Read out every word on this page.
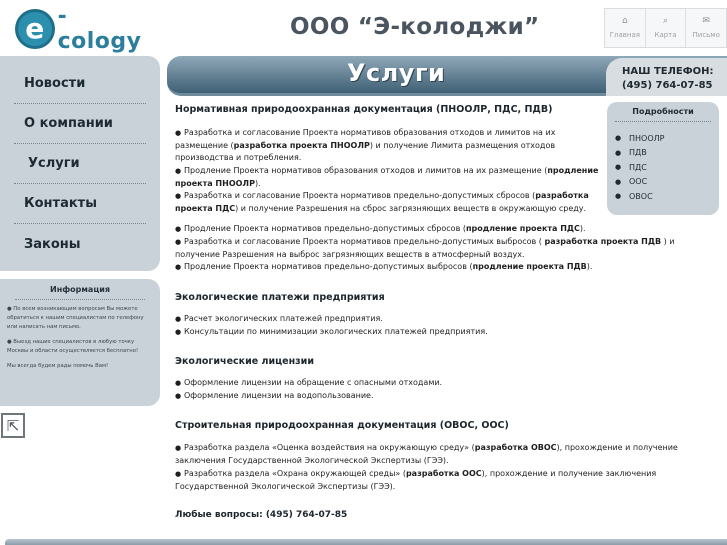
e -cology
ООО “Э-колоджи”	⌂
Главная
⌕
Карта
✉
Письмо
Новости
О компании
Услуги
Контакты
Законы
Информация
● По всем возникающим вопросам Вы можете обратиться к нашим специалистам по телефону или написать нам письмо.
● Выезд наших специалистов в любую точку Москвы и области осуществляется бесплатно!
Мы всегда будем рады помочь Вам!
⇱
Услуги	НАШ ТЕЛЕФОН:
(495) 764-07-85
Подробности
● ПНООЛР
● ПДВ
● ПДС
● ООС
● ОВОС
Нормативная природоохранная документация (ПНООЛР, ПДС, ПДВ)
● Разработка и согласование Проекта нормативов образования отходов и лимитов на их размещение (разработка проекта ПНООЛР) и получение Лимита размещения отходов производства и потребления.
● Продление Проекта нормативов образования отходов и лимитов на их размещение (продление проекта ПНООЛР).
● Разработка и согласование Проекта нормативов предельно-допустимых сбросов (разработка проекта ПДС) и получение Разрешения на сброс загрязняющих веществ в окружающую среду.
● Продление Проекта нормативов предельно-допустимых сбросов (продление проекта ПДС).
● Разработка и согласование Проекта нормативов предельно-допустимых выбросов ( разработка проекта ПДВ ) и получение Разрешения на выброс загрязняющих веществ в атмосферный воздух.
● Продление Проекта нормативов предельно-допустимых выбросов (продление проекта ПДВ).
Экологические платежи предприятия
● Расчет экологических платежей предприятия.
● Консультации по минимизации экологических платежей предприятия.
Экологические лицензии
● Оформление лицензии на обращение с опасными отходами.
● Оформление лицензии на водопользование.
Строительная природоохранная документация (ОВОС, ООС)
● Разработка раздела «Оценка воздействия на окружающую среду» (разработка ОВОС), прохождение и получение заключения Государственной Экологической Экспертизы (ГЭЭ).
● Разработка раздела «Охрана окружающей среды» (разработка ООС), прохождение и получение заключения Государственной Экологической Экспертизы (ГЭЭ).
Любые вопросы: (495) 764-07-85
